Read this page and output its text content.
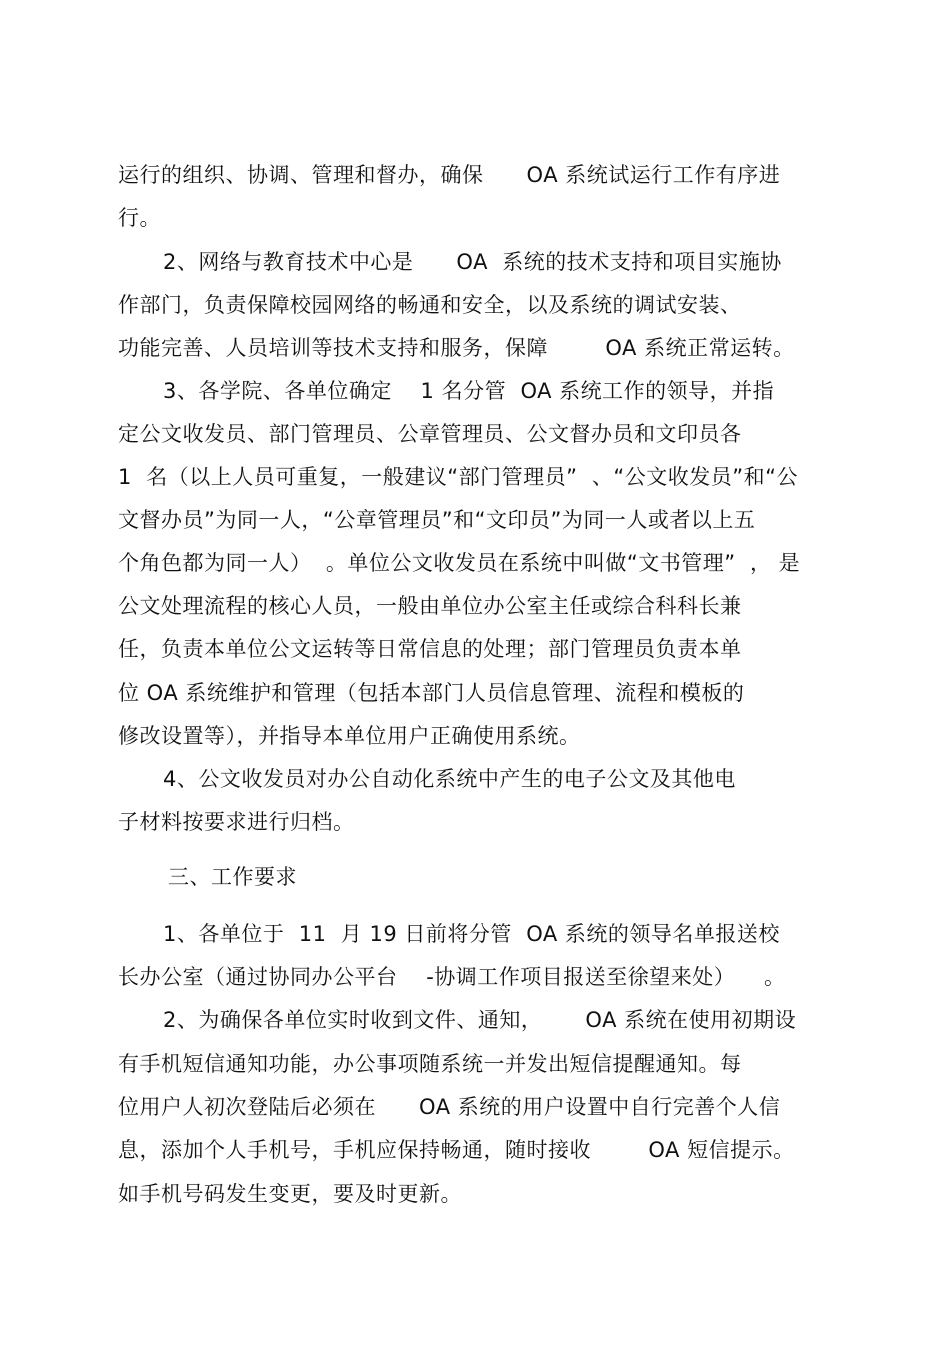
运行的组织、协调、管理和督办，确保      OA 系统试运行工作有序进
行。
2、网络与教育技术中心是      OA  系统的技术支持和项目实施协
作部门，负责保障校园网络的畅通和安全，以及系统的调试安装、
功能完善、人员培训等技术支持和服务，保障        OA 系统正常运转。
3、各学院、各单位确定    1 名分管  OA 系统工作的领导，并指
定公文收发员、部门管理员、公章管理员、公文督办员和文印员各
1  名（以上人员可重复，一般建议“部门管理员”  、“公文收发员”和“公
文督办员”为同一人，“公章管理员”和“文印员”为同一人或者以上五
个角色都为同一人）  。单位公文收发员在系统中叫做“文书管理”  ， 是
公文处理流程的核心人员，一般由单位办公室主任或综合科科长兼
任，负责本单位公文运转等日常信息的处理；部门管理员负责本单
位 OA 系统维护和管理（包括本部门人员信息管理、流程和模板的
修改设置等），并指导本单位用户正确使用系统。
4、公文收发员对办公自动化系统中产生的电子公文及其他电
子材料按要求进行归档。
三、工作要求
1、各单位于  11  月 19 日前将分管  OA 系统的领导名单报送校
长办公室（通过协同办公平台    -协调工作项目报送至徐望来处）    。
2、为确保各单位实时收到文件、通知，      OA 系统在使用初期设
有手机短信通知功能，办公事项随系统一并发出短信提醒通知。每
位用户人初次登陆后必须在      OA 系统的用户设置中自行完善个人信
息，添加个人手机号，手机应保持畅通，随时接收        OA 短信提示。
如手机号码发生变更，要及时更新。
